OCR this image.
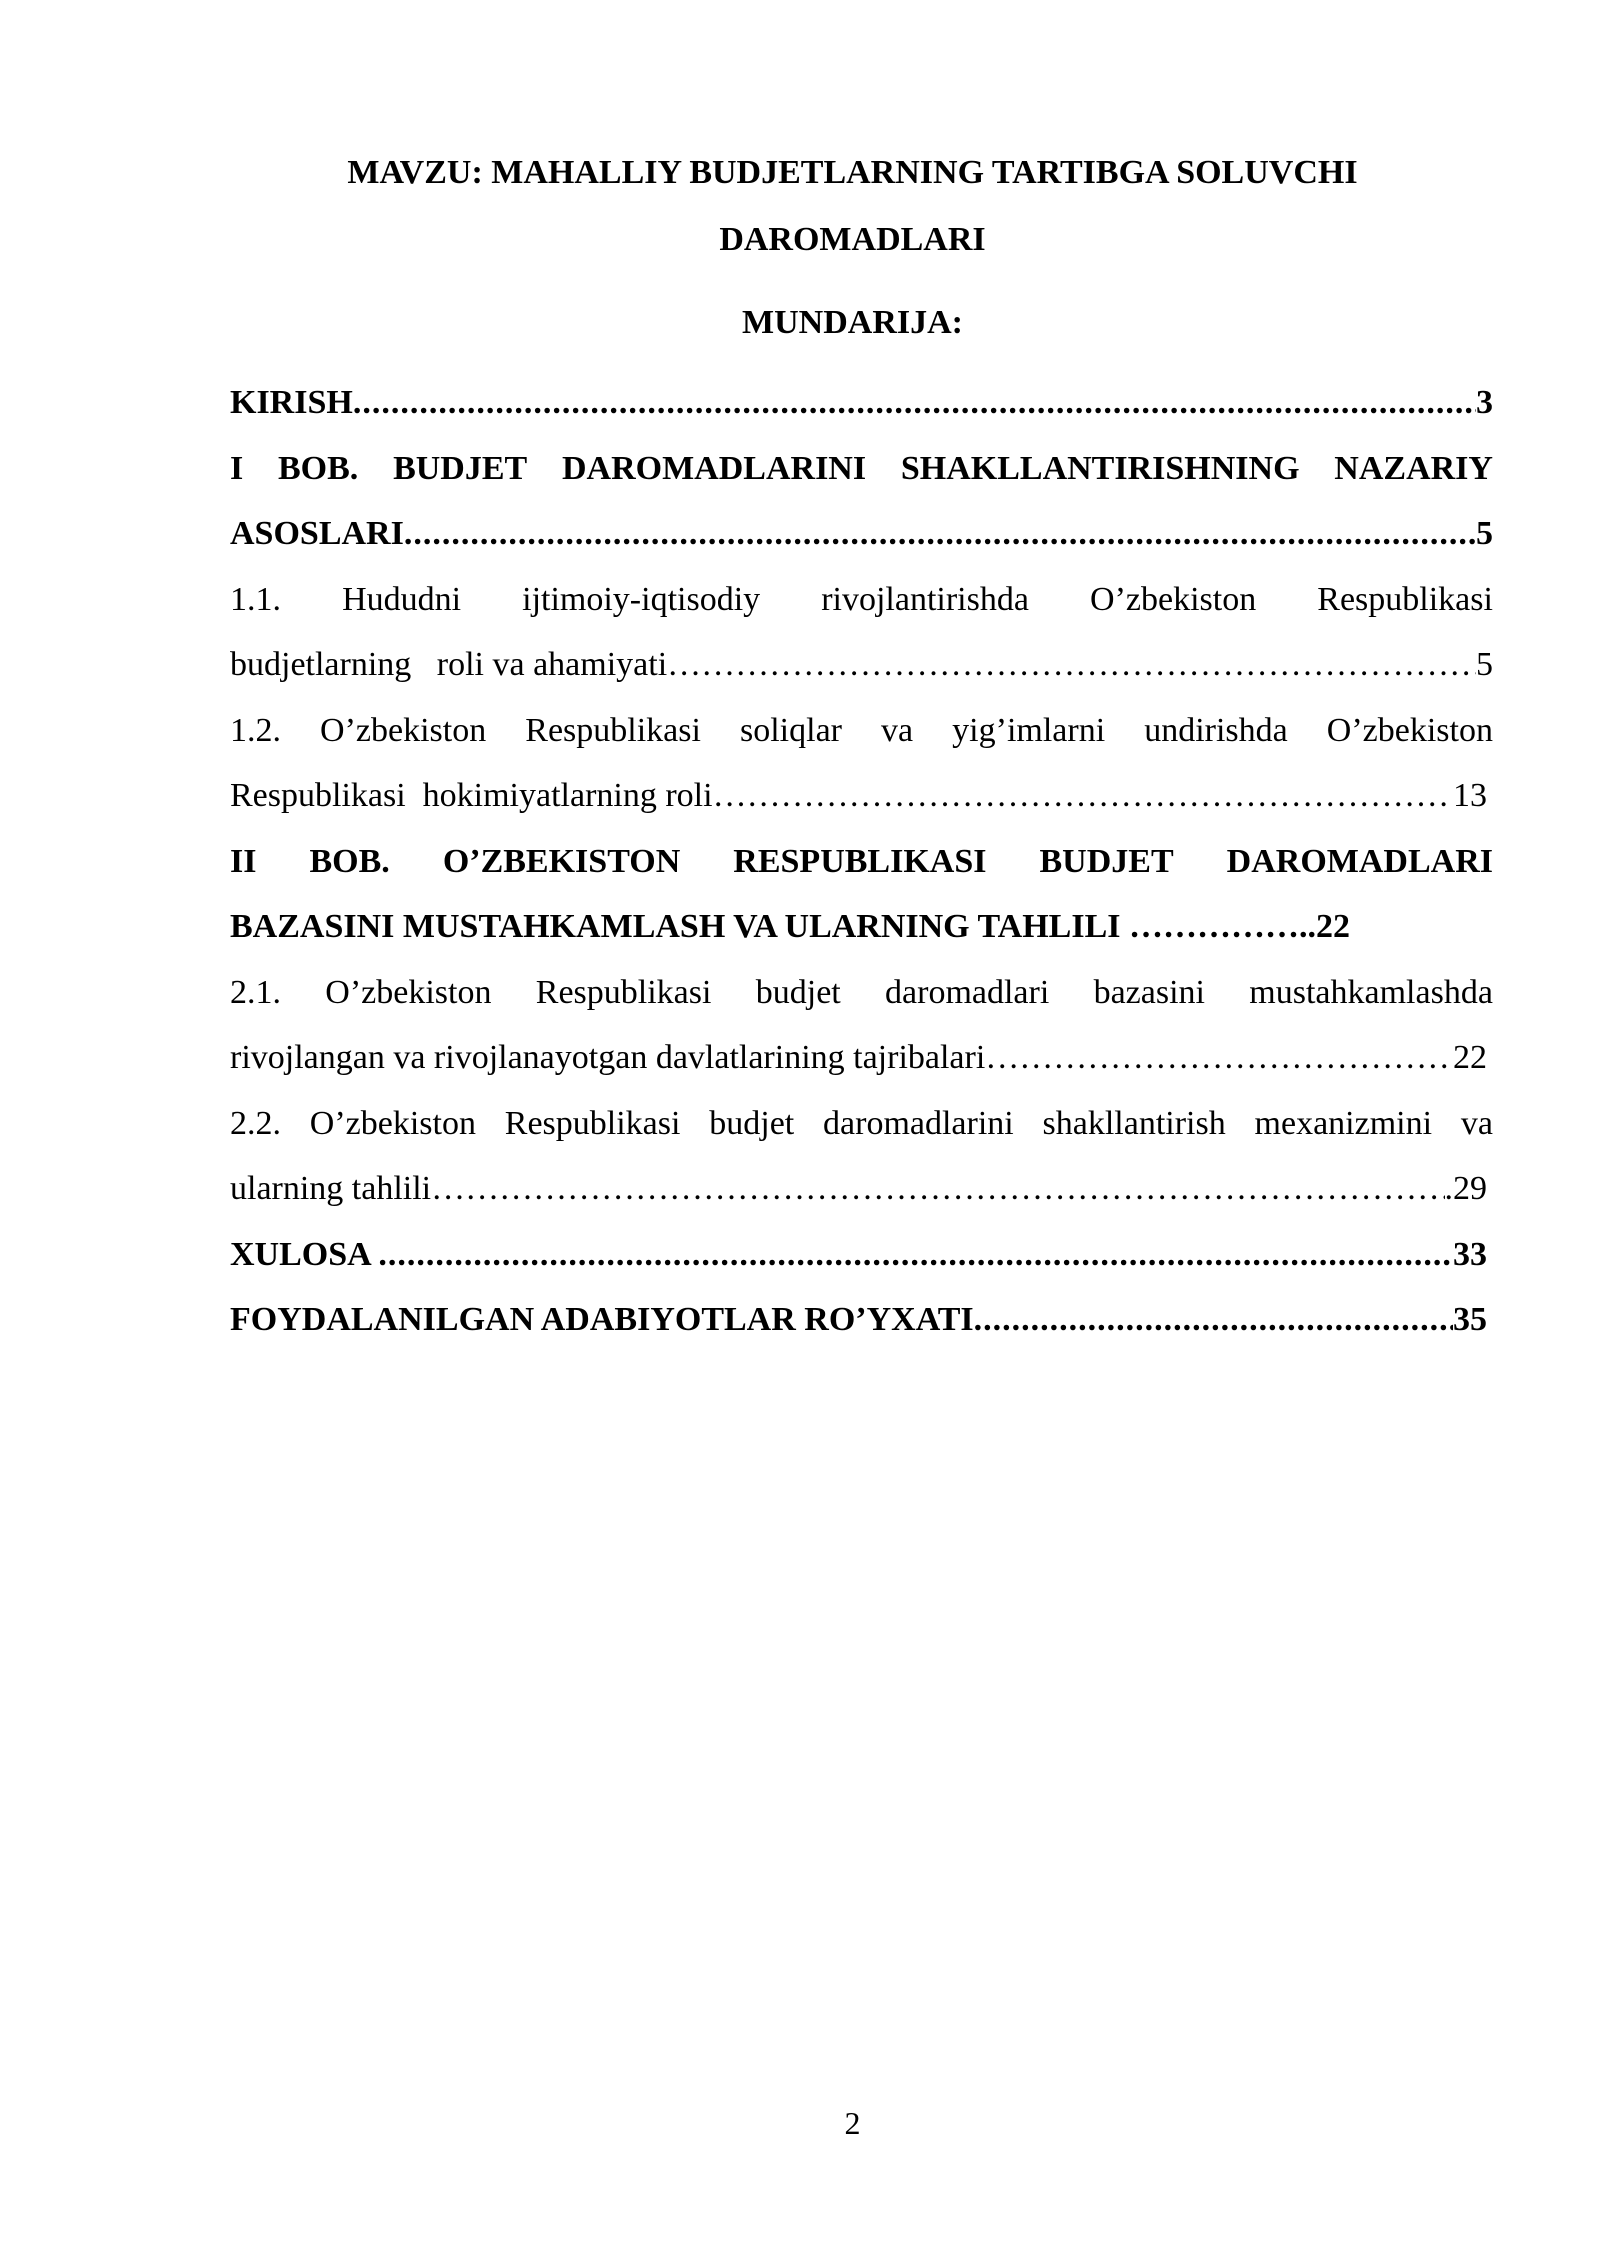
MAVZU: MAHALLIY BUDJETLARNING TARTIBGA SOLUVCHI
DAROMADLARI
MUNDARIJA:
KIRISH .....	3
I BOB. BUDJET DAROMADLARINI SHAKLLANTIRISHNING NAZARIY
ASOSLARI .....	5
1.1. Hududni ijtimoiy-iqtisodiy rivojlantirishda O’zbekiston Respublikasi
budjetlarning   roli va ahamiyati ………………………………………………………………………………………………………………………………………………………………………………………………………………………	5
1.2. O’zbekiston Respublikasi soliqlar va yig’imlarni undirishda O’zbekiston
Respublikasi  hokimiyatlarning roli ………………………………………………………………………………………………………………………………………………………………………………………………………………………	13
II BOB. O’ZBEKISTON RESPUBLIKASI BUDJET DAROMADLARI
BAZASINI MUSTAHKAMLASH VA ULARNING TAHLILI …………….. 22
2.1. O’zbekiston Respublikasi budjet daromadlari bazasini mustahkamlashda
rivojlangan va rivojlanayotgan davlatlarining tajribalari ………………………………………………………………………………………………………………………………………………………………………………………………………………………	22
2.2. O’zbekiston Respublikasi budjet daromadlarini shakllantirish mexanizmini va
ularning tahlili ………………………………………………………………………………………………………………………………………………………………………………………………………………………	.29
XULOSA .....	33
FOYDALANILGAN ADABIYOTLAR RO’YXATI .....	35
2
